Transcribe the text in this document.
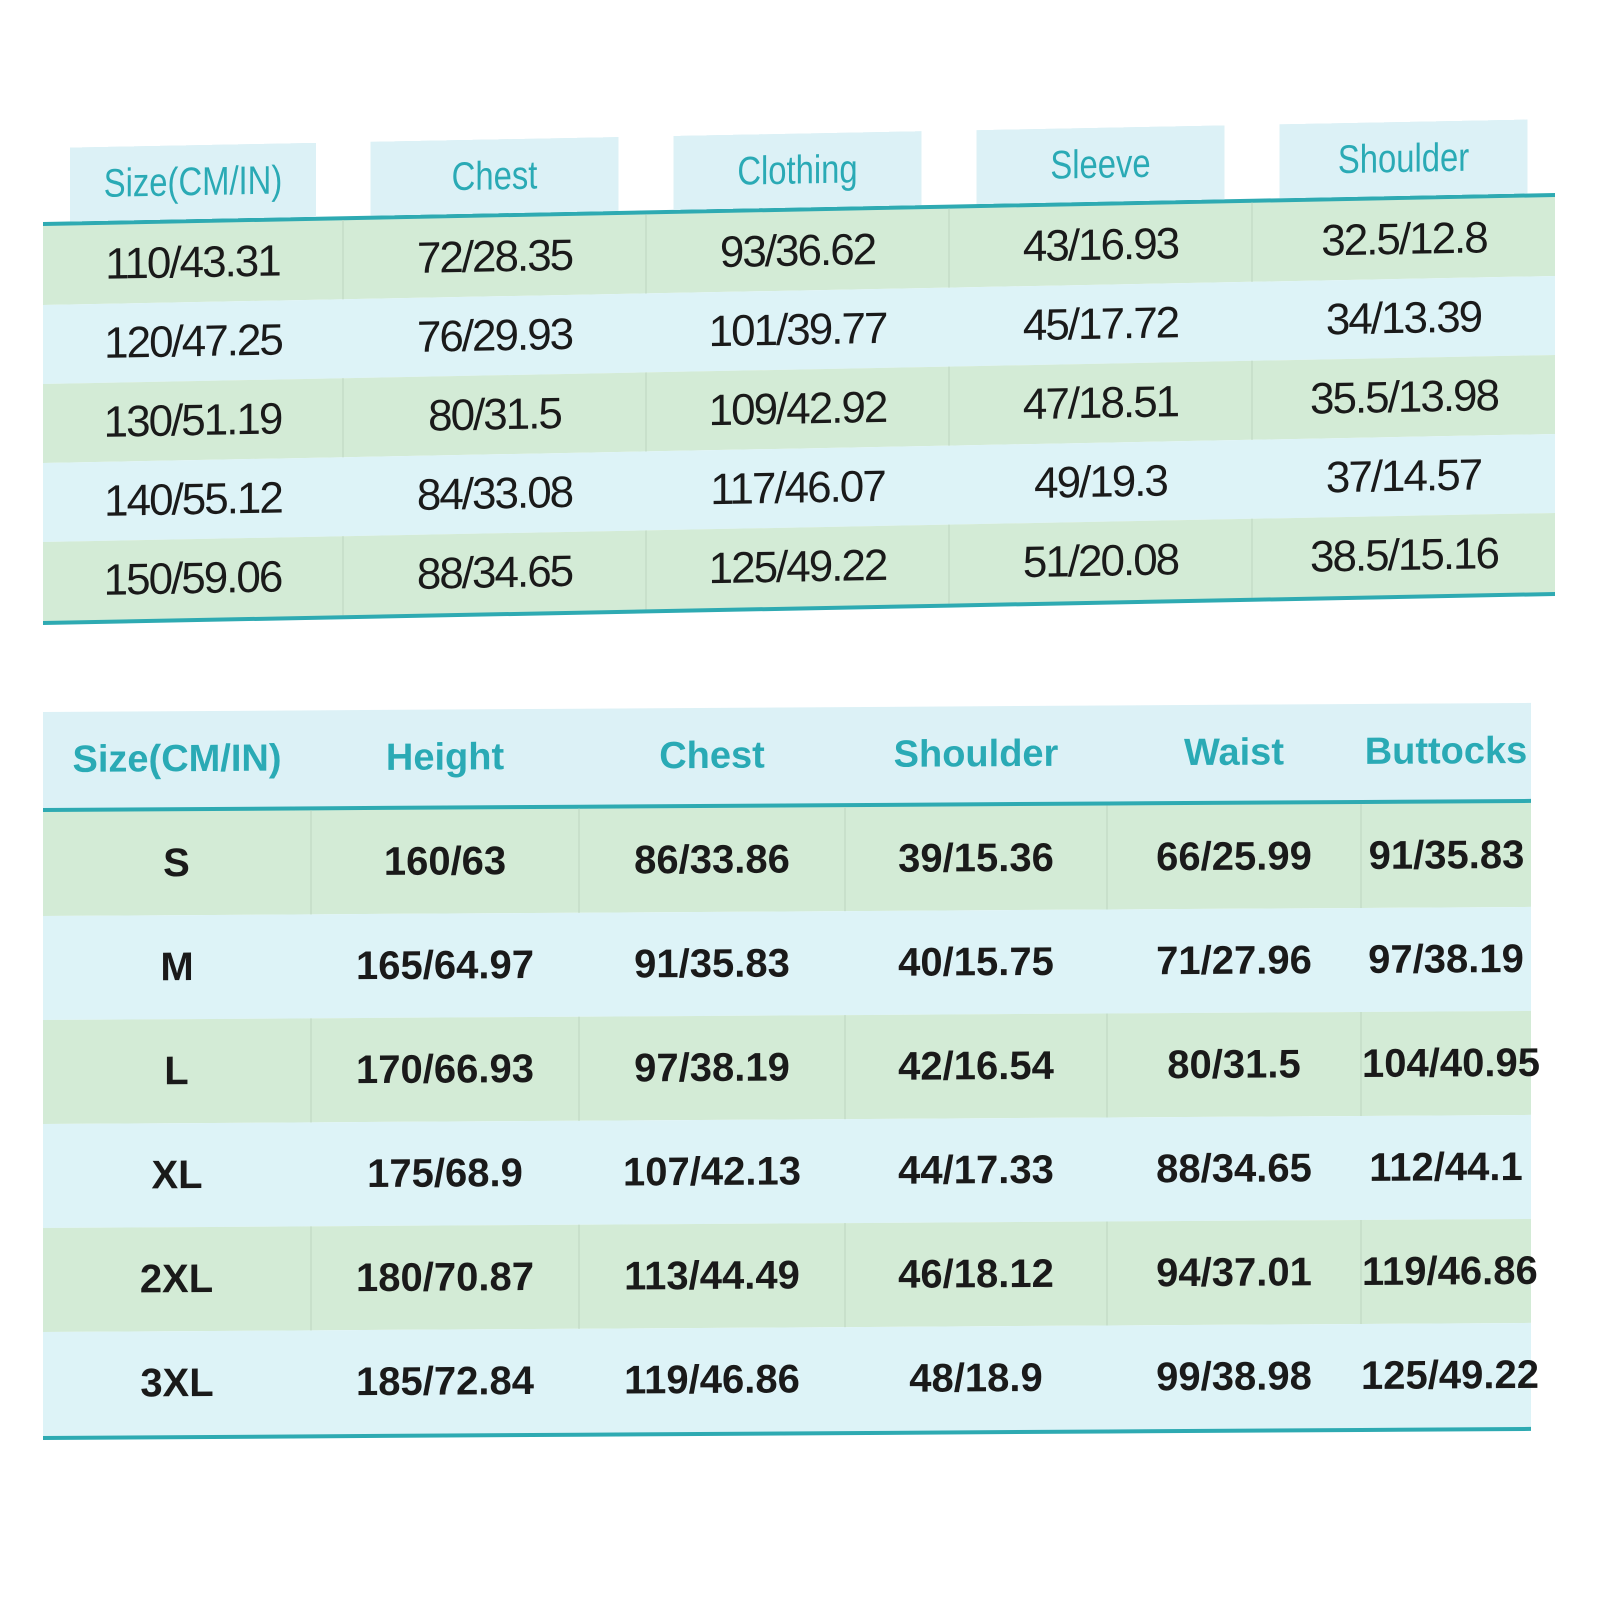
Size(CM/IN)	Chest	Clothing	Sleeve	Shoulder
110/43.31	72/28.35	93/36.62	43/16.93	32.5/12.8
120/47.25	76/29.93	101/39.77	45/17.72	34/13.39
130/51.19	80/31.5	109/42.92	47/18.51	35.5/13.98
140/55.12	84/33.08	117/46.07	49/19.3	37/14.57
150/59.06	88/34.65	125/49.22	51/20.08	38.5/15.16
Size(CM/IN)	Height	Chest	Shoulder	Waist	Buttocks
S	160/63	86/33.86	39/15.36	66/25.99	91/35.83
M	165/64.97	91/35.83	40/15.75	71/27.96	97/38.19
L	170/66.93	97/38.19	42/16.54	80/31.5	104/40.95
XL	175/68.9	107/42.13	44/17.33	88/34.65	112/44.1
2XL	180/70.87	113/44.49	46/18.12	94/37.01	119/46.86
3XL	185/72.84	119/46.86	48/18.9	99/38.98	125/49.22
